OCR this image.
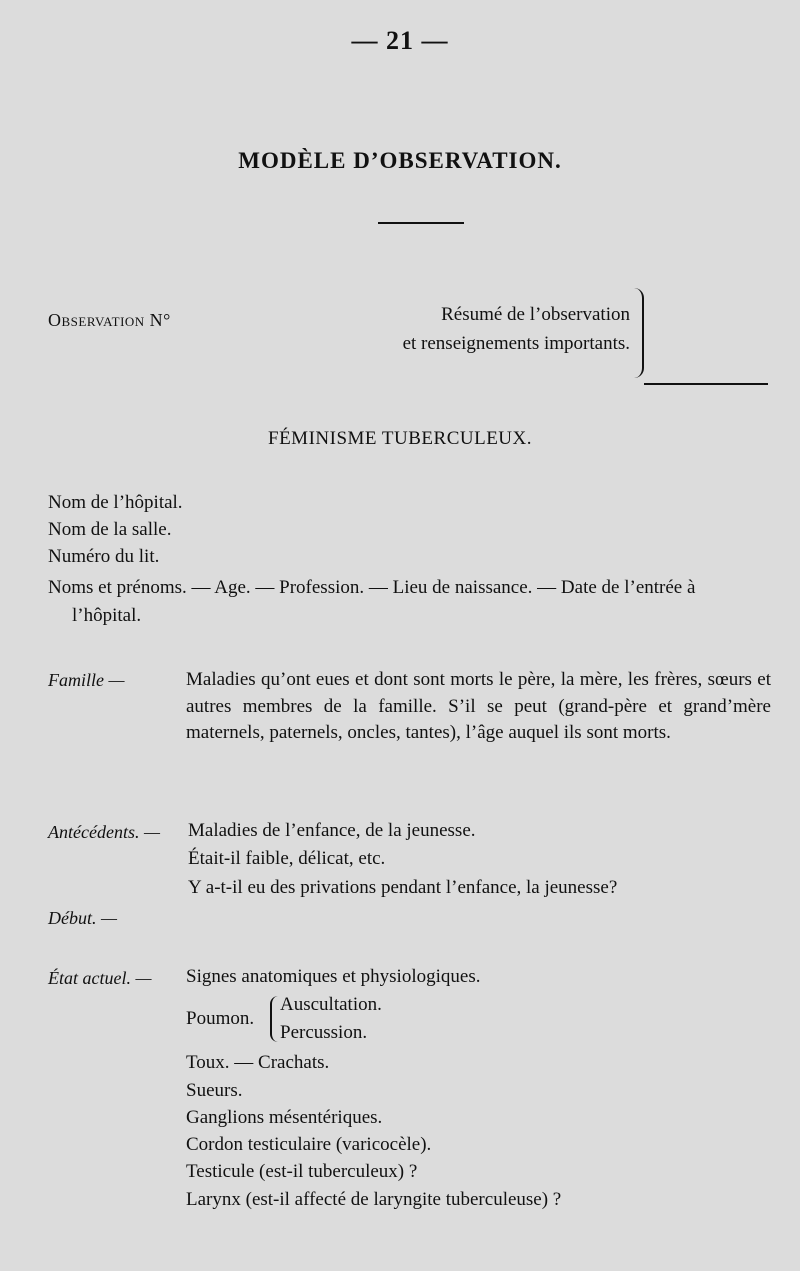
— 21 —
MODÈLE D’OBSERVATION.
Observation N°	Résumé de l’observation
et renseignements importants.
FÉMINISME TUBERCULEUX.
Nom de l’hôpital.
Nom de la salle.
Numéro du lit.
Noms et prénoms. — Age. — Profession. — Lieu de naissance. — Date de l’entrée à
l’hôpital.
Famille —	Maladies qu’ont eues et dont sont morts le père, la mère, les frères, sœurs et autres membres de la famille. S’il se peut (grand-père et grand’mère maternels, paternels, oncles, tantes), l’âge auquel ils sont morts.
Antécédents. — Maladies de l’enfance, de la jeunesse.
Était-il faible, délicat, etc.
Y a-t-il eu des privations pendant l’enfance, la jeunesse?
Début. —
État actuel. — Signes anatomiques et physiologiques.
Poumon.
Auscultation.
Percussion.
Toux. — Crachats.
Sueurs.
Ganglions mésentériques.
Cordon testiculaire (varicocèle).
Testicule (est-il tuberculeux) ?
Larynx (est-il affecté de laryngite tuberculeuse) ?
